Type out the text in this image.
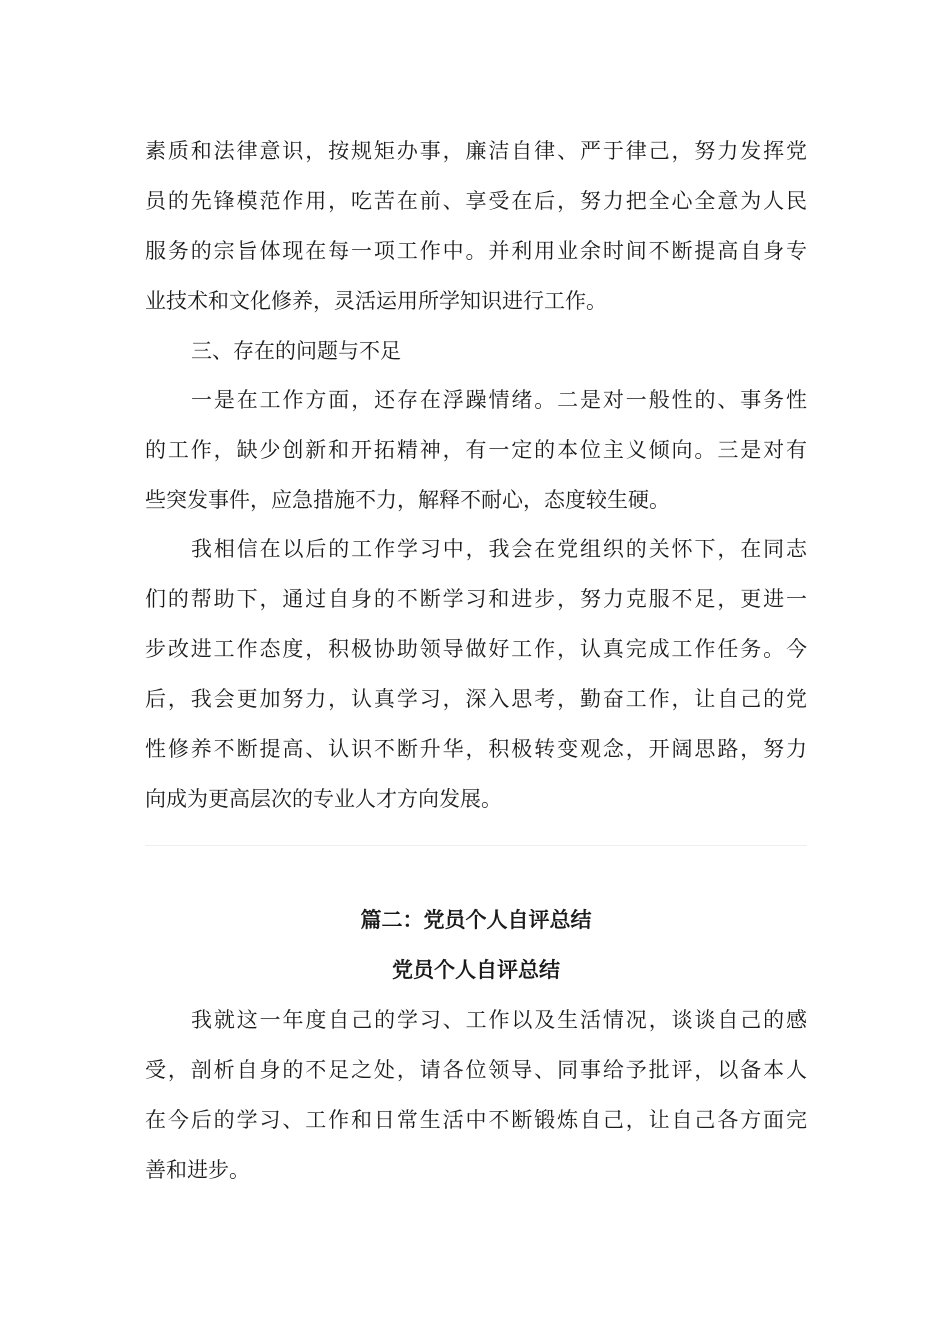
素质和法律意识，按规矩办事，廉洁自律、严于律己，努力发挥党
员的先锋模范作用，吃苦在前、享受在后，努力把全心全意为人民
服务的宗旨体现在每一项工作中。并利用业余时间不断提高自身专
业技术和文化修养，灵活运用所学知识进行工作。
三、存在的问题与不足
一是在工作方面，还存在浮躁情绪。二是对一般性的、事务性
的工作，缺少创新和开拓精神，有一定的本位主义倾向。三是对有
些突发事件，应急措施不力，解释不耐心，态度较生硬。
我相信在以后的工作学习中，我会在党组织的关怀下，在同志
们的帮助下，通过自身的不断学习和进步，努力克服不足，更进一
步改进工作态度，积极协助领导做好工作，认真完成工作任务。今
后，我会更加努力，认真学习，深入思考，勤奋工作，让自己的党
性修养不断提高、认识不断升华，积极转变观念，开阔思路，努力
向成为更高层次的专业人才方向发展。
篇二：党员个人自评总结
党员个人自评总结
我就这一年度自己的学习、工作以及生活情况，谈谈自己的感
受，剖析自身的不足之处，请各位领导、同事给予批评，以备本人
在今后的学习、工作和日常生活中不断锻炼自己，让自己各方面完
善和进步。
